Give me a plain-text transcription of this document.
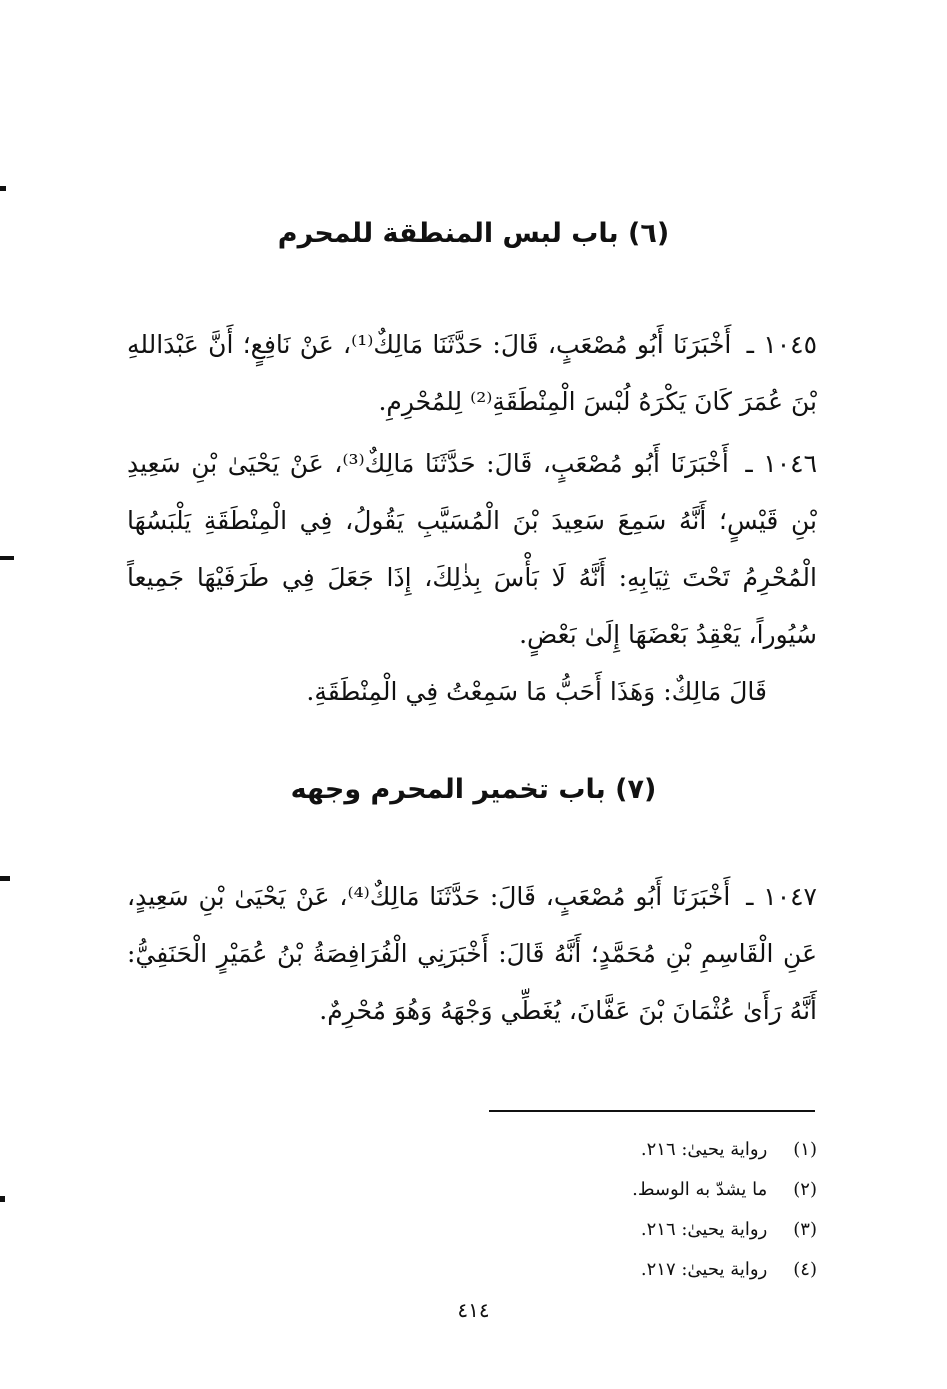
(٦) باب لبس المنطقة للمحرم

١٠٤٥ ـ أَخْبَرَنَا أَبُو مُصْعَبٍ، قَالَ: حَدَّثَنَا مَالِكٌ⁽¹⁾، عَنْ نَافِعٍ؛ أَنَّ عَبْدَاللهِ بْنَ عُمَرَ كَانَ يَكْرَهُ لُبْسَ الْمِنْطَقَةِ⁽²⁾ لِلمُحْرِمِ.

١٠٤٦ ـ أَخْبَرَنَا أَبُو مُصْعَبٍ، قَالَ: حَدَّثَنَا مَالِكٌ⁽³⁾، عَنْ يَحْيَىٰ بْنِ سَعِيدِ بْنِ قَيْسٍ؛ أَنَّهُ سَمِعَ سَعِيدَ بْنَ الْمُسَيَّبِ يَقُولُ، فِي الْمِنْطَقَةِ يَلْبَسُهَا الْمُحْرِمُ تَحْتَ ثِيَابِهِ: أَنَّهُ لَا بَأْسَ بِذٰلِكَ، إِذَا جَعَلَ فِي طَرَفَيْهَا جَمِيعاً سُيُوراً، يَعْقِدُ بَعْضَهَا إِلَىٰ بَعْضٍ.

قَالَ مَالِكٌ: وَهَذَا أَحَبُّ مَا سَمِعْتُ فِي الْمِنْطَقَةِ.

(٧) باب تخمير المحرم وجهه

١٠٤٧ ـ أَخْبَرَنَا أَبُو مُصْعَبٍ، قَالَ: حَدَّثَنَا مَالِكٌ⁽⁴⁾، عَنْ يَحْيَىٰ بْنِ سَعِيدٍ، عَنِ الْقَاسِمِ بْنِ مُحَمَّدٍ؛ أَنَّهُ قَالَ: أَخْبَرَنِي الْفُرَافِصَةُ بْنُ عُمَيْرٍ الْحَنَفِيُّ: أَنَّهُ رَأَىٰ عُثْمَانَ بْنَ عَفَّانَ، يُغَطِّي وَجْهَهُ وَهُوَ مُحْرِمٌ.

(١) رواية يحيىٰ: ٢١٦.
(٢) ما يشدّ به الوسط.
(٣) رواية يحيىٰ: ٢١٦.
(٤) رواية يحيىٰ: ٢١٧.
٤١٤
